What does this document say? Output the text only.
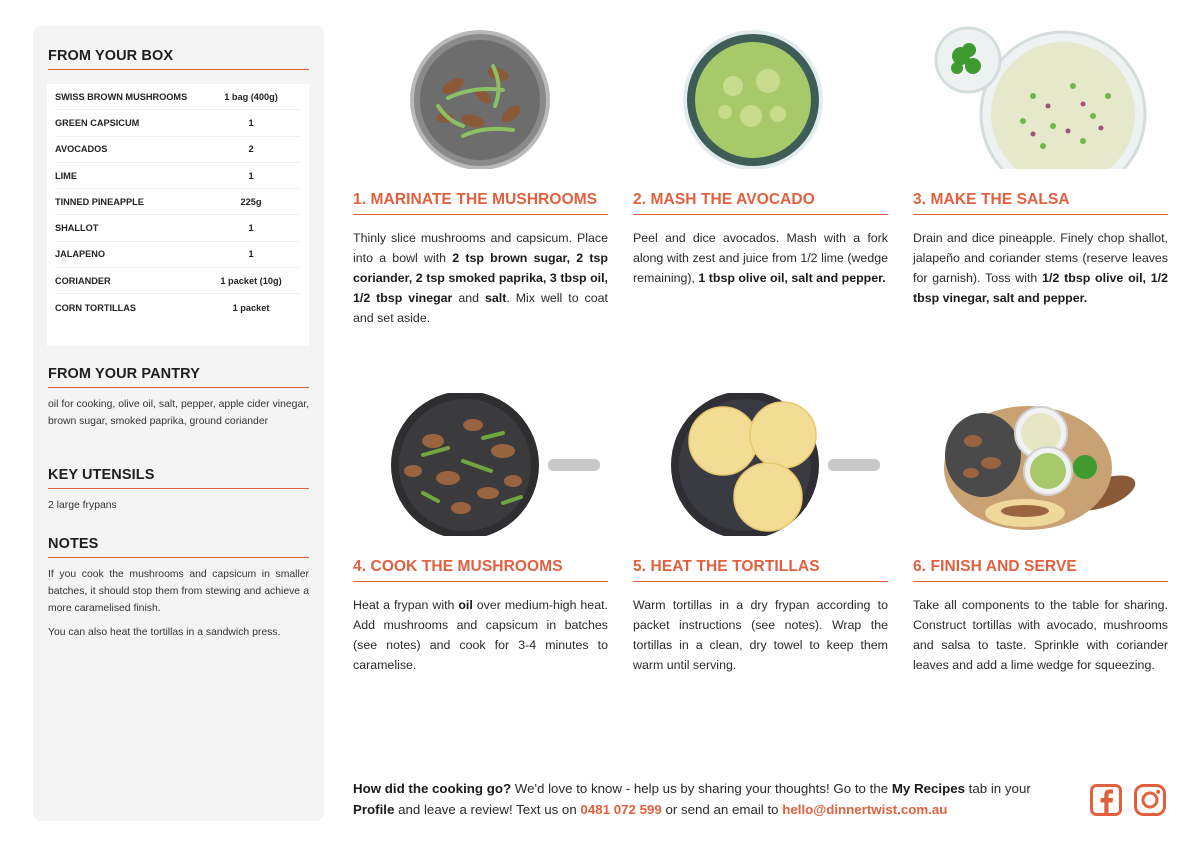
FROM YOUR BOX
SWISS BROWN MUSHROOMS	1 bag (400g)
GREEN CAPSICUM	1
AVOCADOS	2
LIME	1
TINNED PINEAPPLE	225g
SHALLOT	1
JALAPENO	1
CORIANDER	1 packet (10g)
CORN TORTILLAS	1 packet
FROM YOUR PANTRY
oil for cooking, olive oil, salt, pepper, apple cider vinegar, brown sugar, smoked paprika, ground coriander
KEY UTENSILS
2 large frypans
NOTES

If you cook the mushrooms and capsicum in smaller batches, it should stop them from stewing and achieve a more caramelised finish.

You can also heat the tortillas in a sandwich press.

1. MARINATE THE MUSHROOMS
Thinly slice mushrooms and capsicum. Place into a bowl with 2 tsp brown sugar, 2 tsp coriander, 2 tsp smoked paprika, 3 tbsp oil, 1/2 tbsp vinegar and salt. Mix well to coat and set aside.
2. MASH THE AVOCADO
Peel and dice avocados. Mash with a fork along with zest and juice from 1/2 lime (wedge remaining), 1 tbsp olive oil, salt and pepper.
3. MAKE THE SALSA
Drain and dice pineapple. Finely chop shallot, jalapeño and coriander stems (reserve leaves for garnish). Toss with 1/2 tbsp olive oil, 1/2 tbsp vinegar, salt and pepper.
4. COOK THE MUSHROOMS
Heat a frypan with oil over medium-high heat. Add mushrooms and capsicum in batches (see notes) and cook for 3-4 minutes to caramelise.
5. HEAT THE TORTILLAS
Warm tortillas in a dry frypan according to packet instructions (see notes). Wrap the tortillas in a clean, dry towel to keep them warm until serving.
6. FINISH AND SERVE
Take all components to the table for sharing. Construct tortillas with avocado, mushrooms and salsa to taste. Sprinkle with coriander leaves and add a lime wedge for squeezing.
How did the cooking go? We'd love to know - help us by sharing your thoughts! Go to the My Recipes tab in your Profile and leave a review! Text us on 0481 072 599 or send an email to hello@dinnertwist.com.au
